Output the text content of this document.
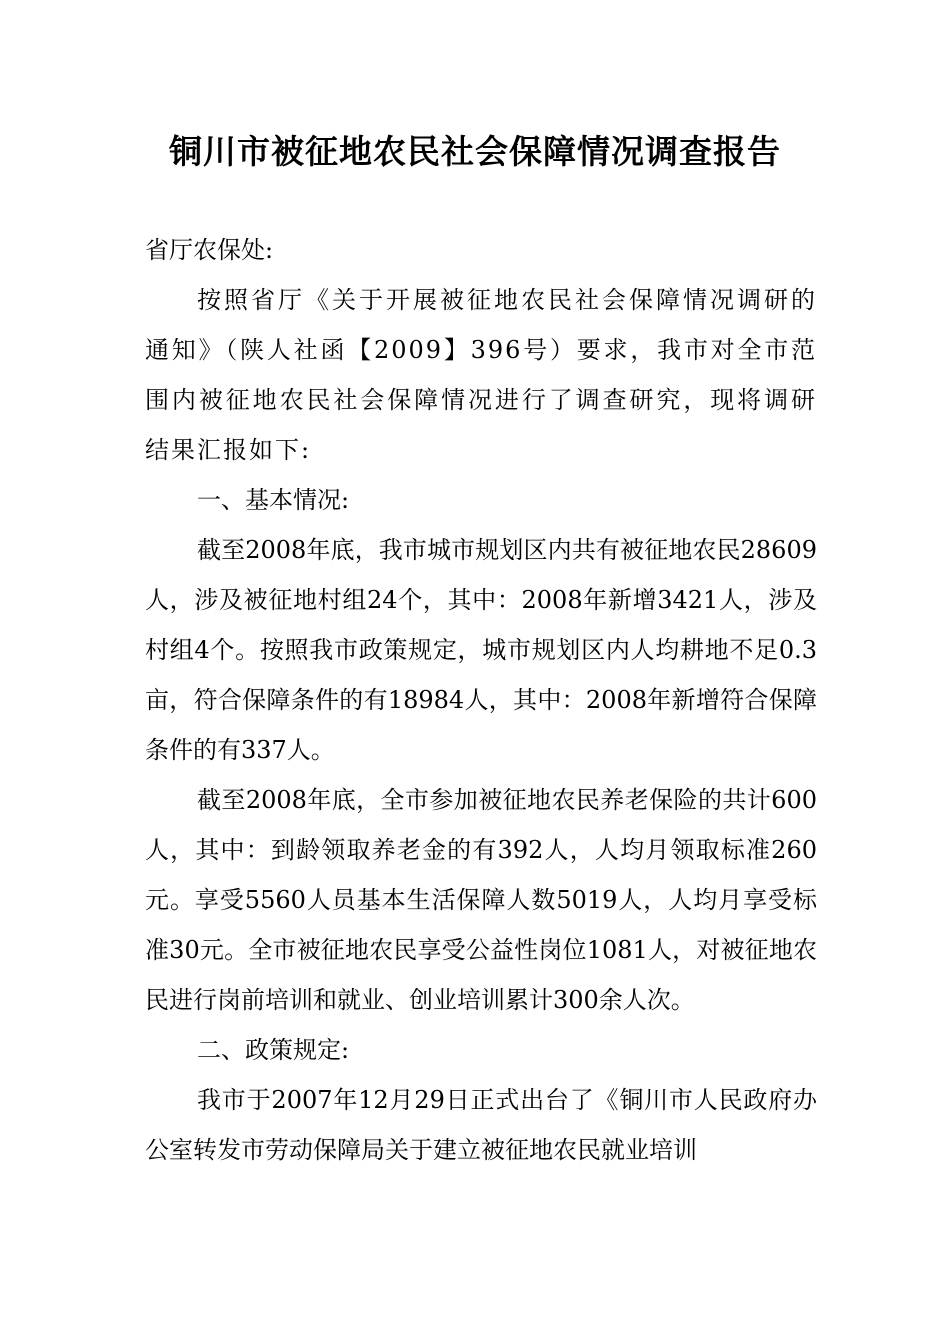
铜川市被征地农民社会保障情况调查报告

省厅农保处:

按照省厅《关于开展被征地农民社会保障情况调研的通知》（陕人社函【2009】396号）要求，我市对全市范围内被征地农民社会保障情况进行了调查研究，现将调研结果汇报如下:

一、基本情况:

截至2008年底，我市城市规划区内共有被征地农民28609人，涉及被征地村组24个，其中：2008年新增3421人，涉及村组4个。按照我市政策规定，城市规划区内人均耕地不足0.3亩，符合保障条件的有18984人，其中：2008年新增符合保障条件的有337人。

截至2008年底，全市参加被征地农民养老保险的共计600人，其中：到龄领取养老金的有392人，人均月领取标准260元。享受5560人员基本生活保障人数5019人，人均月享受标准30元。全市被征地农民享受公益性岗位1081人，对被征地农民进行岗前培训和就业、创业培训累计300余人次。

二、政策规定:

我市于2007年12月29日正式出台了《铜川市人民政府办公室转发市劳动保障局关于建立被征地农民就业培训
